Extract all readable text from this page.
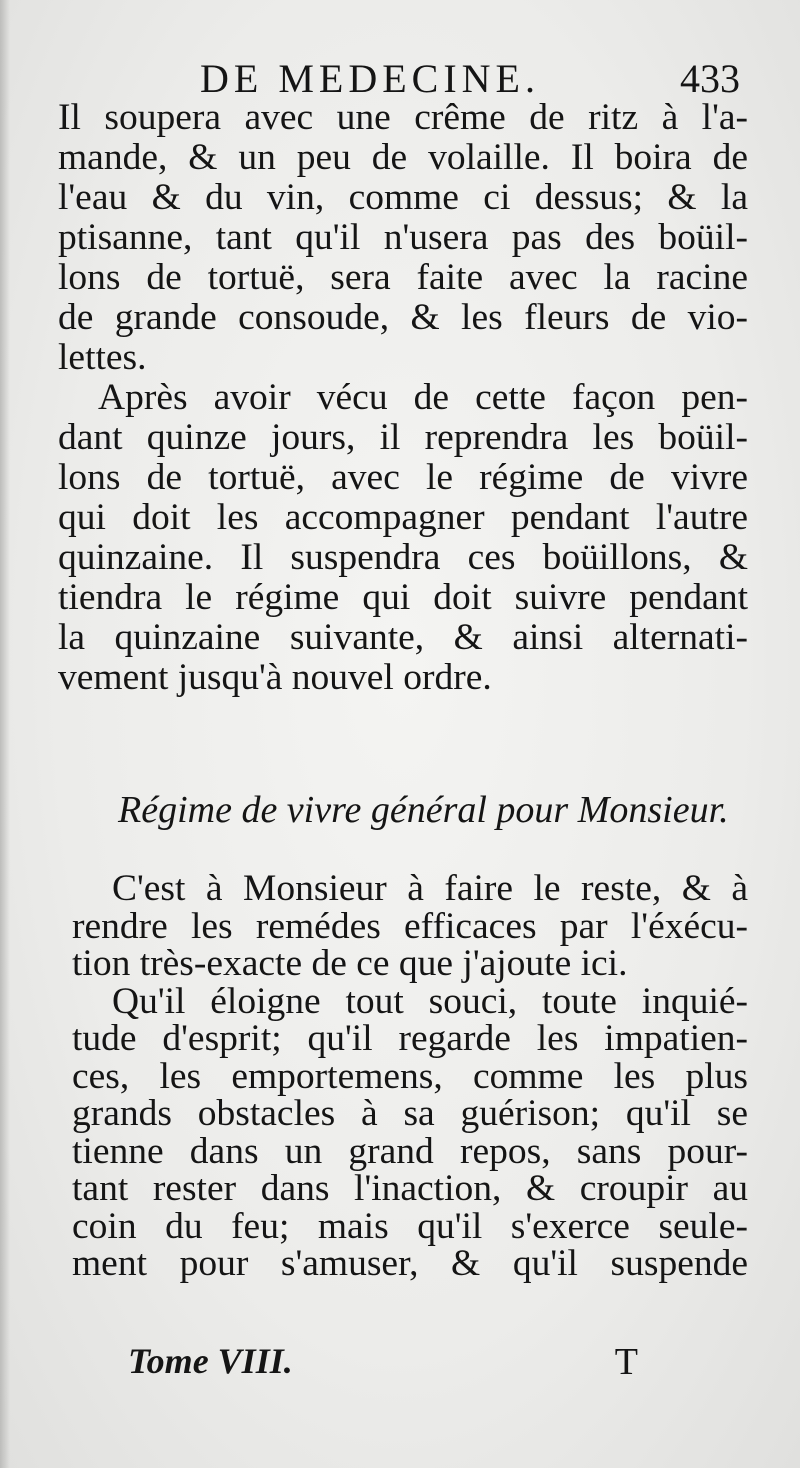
DE MEDECINE.	433
Il soupera avec une crême de ritz à l'a-
mande, & un peu de volaille. Il boira de
l'eau & du vin, comme ci dessus; & la
ptisanne, tant qu'il n'usera pas des boüil-
lons de tortuë, sera faite avec la racine
de grande consoude, & les fleurs de vio-
lettes.
Après avoir vécu de cette façon pen-
dant quinze jours, il reprendra les boüil-
lons de tortuë, avec le régime de vivre
qui doit les accompagner pendant l'autre
quinzaine. Il suspendra ces boüillons, &
tiendra le régime qui doit suivre pendant
la quinzaine suivante, & ainsi alternati-
vement jusqu'à nouvel ordre.
Régime de vivre général pour Monsieur.
C'est à Monsieur à faire le reste, & à
rendre les remédes efficaces par l'éxécu-
tion très-exacte de ce que j'ajoute ici.
Qu'il éloigne tout souci, toute inquié-
tude d'esprit; qu'il regarde les impatien-
ces, les emportemens, comme les plus
grands obstacles à sa guérison; qu'il se
tienne dans un grand repos, sans pour-
tant rester dans l'inaction, & croupir au
coin du feu; mais qu'il s'exerce seule-
ment pour s'amuser, & qu'il suspende
Tome VIII.	T
